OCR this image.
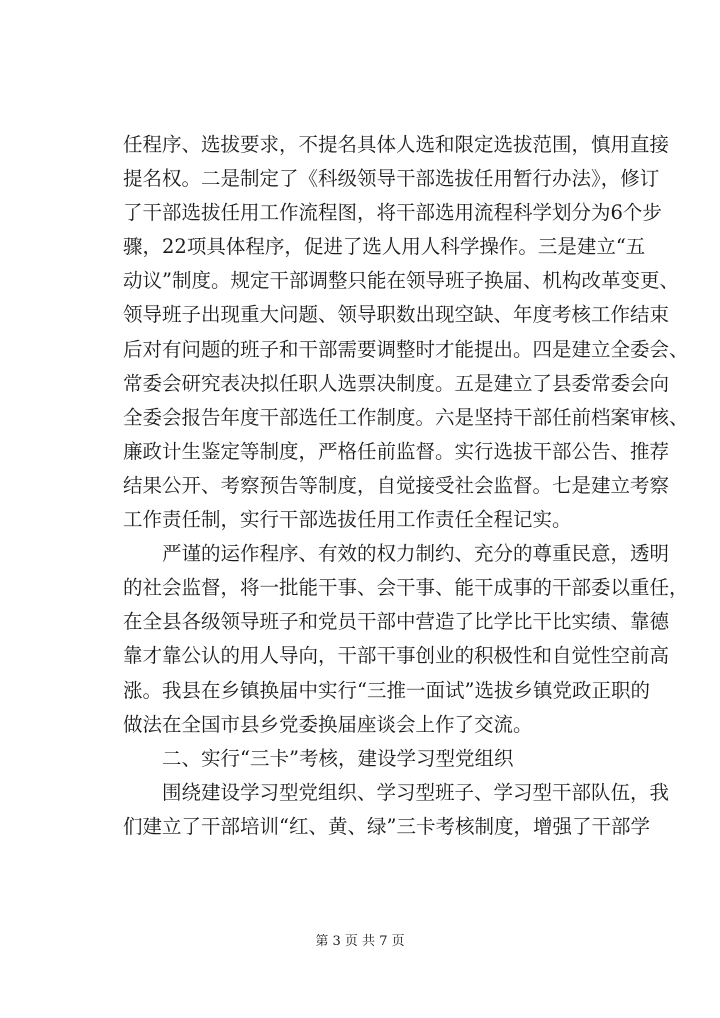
任程序、选拔要求，不提名具体人选和限定选拔范围，慎用直接
提名权。二是制定了《科级领导干部选拔任用暂行办法》，修订
了干部选拔任用工作流程图，将干部选用流程科学划分为6个步
骤，22项具体程序，促进了选人用人科学操作。三是建立“五
动议”制度。规定干部调整只能在领导班子换届、机构改革变更、
领导班子出现重大问题、领导职数出现空缺、年度考核工作结束
后对有问题的班子和干部需要调整时才能提出。四是建立全委会、
常委会研究表决拟任职人选票决制度。五是建立了县委常委会向
全委会报告年度干部选任工作制度。六是坚持干部任前档案审核、
廉政计生鉴定等制度，严格任前监督。实行选拔干部公告、推荐
结果公开、考察预告等制度，自觉接受社会监督。七是建立考察
工作责任制，实行干部选拔任用工作责任全程记实。
严谨的运作程序、有效的权力制约、充分的尊重民意，透明
的社会监督，将一批能干事、会干事、能干成事的干部委以重任，
在全县各级领导班子和党员干部中营造了比学比干比实绩、靠德
靠才靠公认的用人导向，干部干事创业的积极性和自觉性空前高
涨。我县在乡镇换届中实行“三推一面试”选拔乡镇党政正职的
做法在全国市县乡党委换届座谈会上作了交流。
二、实行“三卡”考核，建设学习型党组织
围绕建设学习型党组织、学习型班子、学习型干部队伍，我
们建立了干部培训“红、黄、绿”三卡考核制度，增强了干部学
第 3 页 共 7 页
